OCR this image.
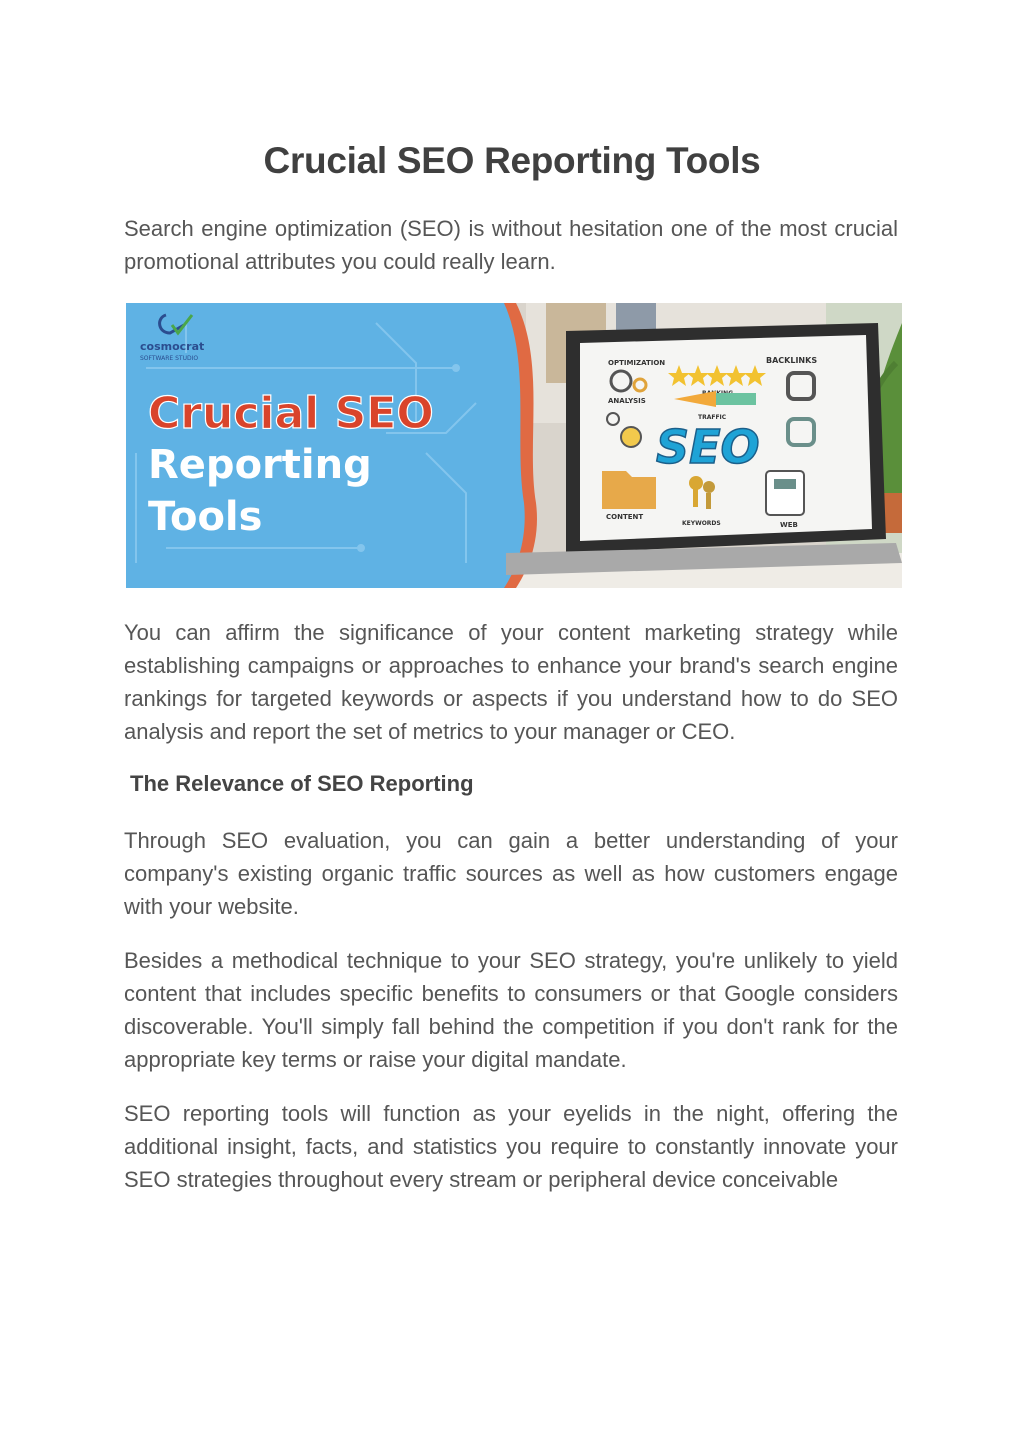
Crucial SEO Reporting Tools

Search engine optimization (SEO) is without hesitation one of the most crucial promotional attributes you could really learn.

cosmocrat
SOFTWARE STUDIO
Crucial SEO
Reporting
Tools
OPTIMIZATION
ANALYSIS
BACKLINKS
TRAFFIC
SEO
CONTENT
KEYWORDS	WEB

You can affirm the significance of your content marketing strategy while establishing campaigns or approaches to enhance your brand's search engine rankings for targeted keywords or aspects if you understand how to do SEO analysis and report the set of metrics to your manager or CEO.

The Relevance of SEO Reporting

Through SEO evaluation, you can gain a better understanding of your company's existing organic traffic sources as well as how customers engage with your website.

Besides a methodical technique to your SEO strategy, you're unlikely to yield content that includes specific benefits to consumers or that Google considers discoverable. You'll simply fall behind the competition if you don't rank for the appropriate key terms or raise your digital mandate.

SEO reporting tools will function as your eyelids in the night, offering the additional insight, facts, and statistics you require to constantly innovate your SEO strategies throughout every stream or peripheral device conceivable
